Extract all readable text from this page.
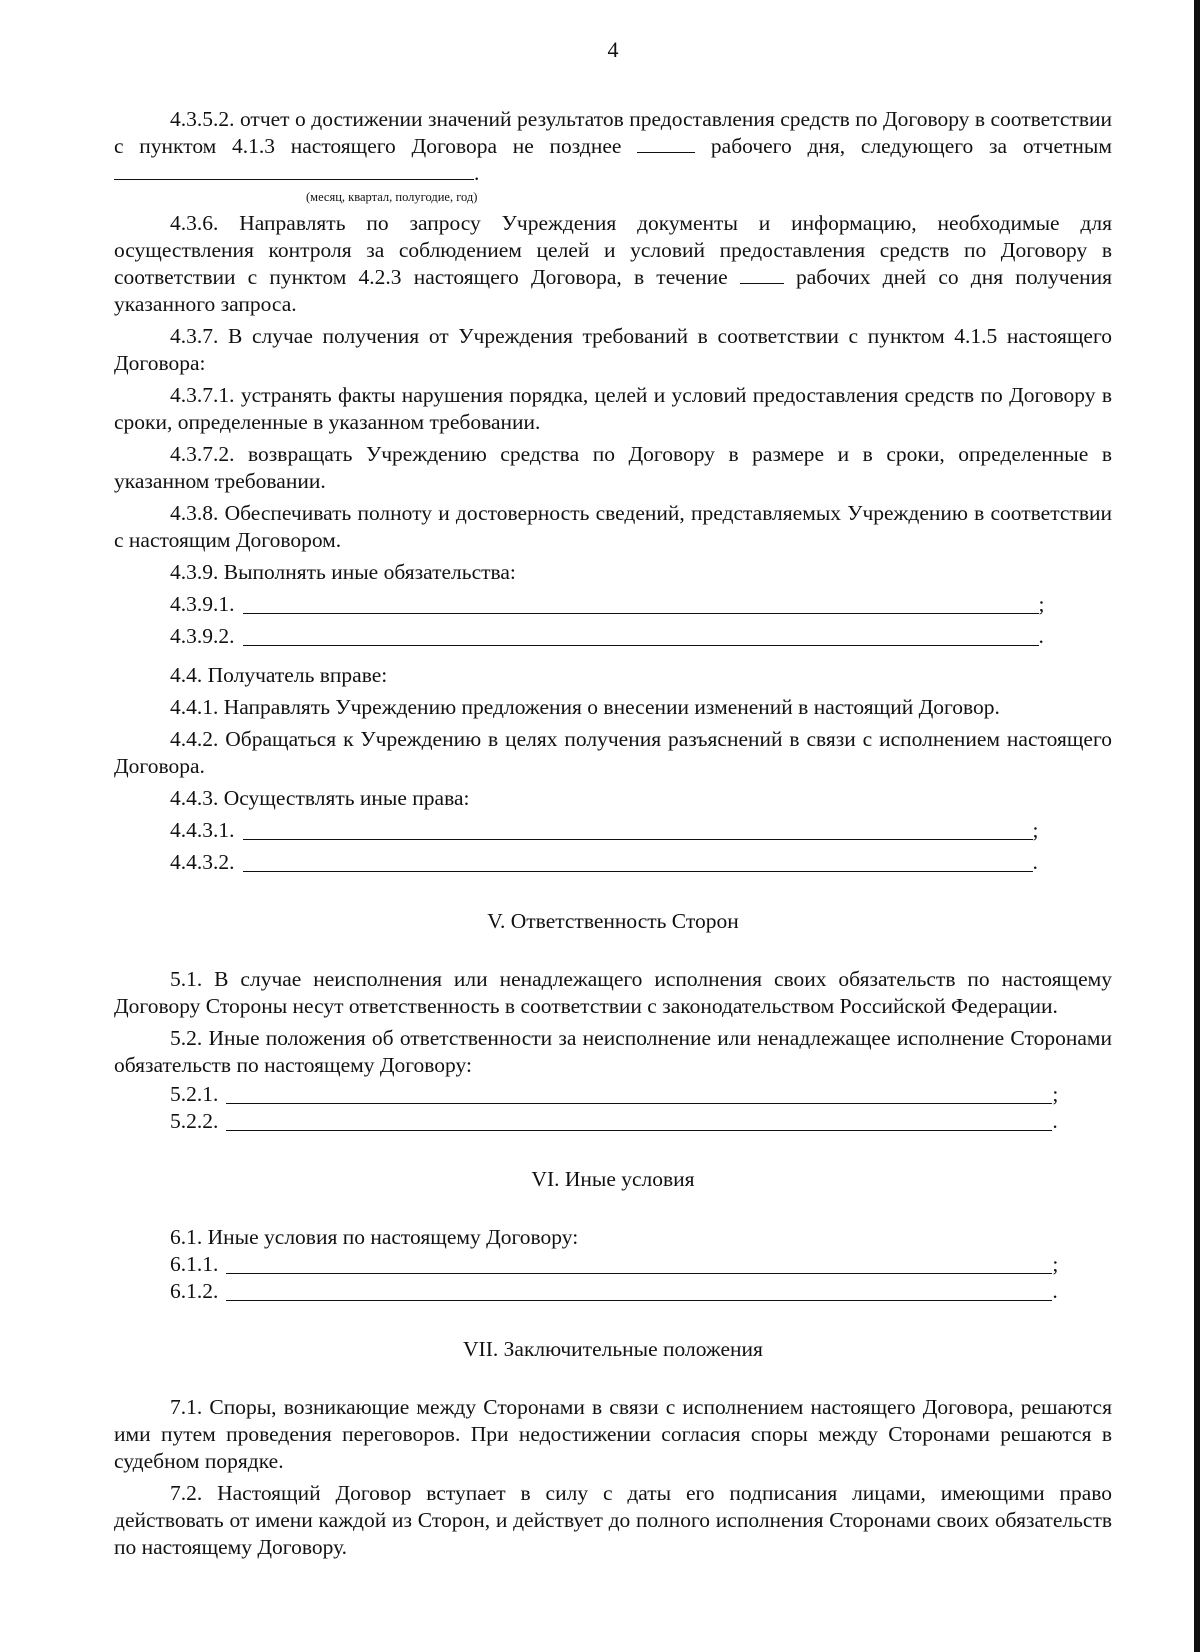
4

4.3.5.2. отчет о достижении значений результатов предоставления средств по Договору в соответствии с пунктом 4.1.3 настоящего Договора не позднее	рабочего дня, следующего за отчетным .

(месяц, квартал, полугодие, год)

4.3.6. Направлять по запросу Учреждения документы и информацию, необходимые для осуществления контроля за соблюдением целей и условий предоставления средств по Договору в соответствии с пунктом 4.2.3 настоящего Договора, в течение	рабочих дней со дня получения указанного запроса.

4.3.7. В случае получения от Учреждения требований в соответствии с пунктом 4.1.5 настоящего Договора:

4.3.7.1. устранять факты нарушения порядка, целей и условий предоставления средств по Договору в сроки, определенные в указанном требовании.

4.3.7.2. возвращать Учреждению средства по Договору в размере и в сроки, определенные в указанном требовании.

4.3.8. Обеспечивать полноту и достоверность сведений, представляемых Учреждению в соответствии с настоящим Договором.

4.3.9. Выполнять иные обязательства:

4.3.9.1.	;
4.3.9.2.	.

4.4. Получатель вправе:

4.4.1. Направлять Учреждению предложения о внесении изменений в настоящий Договор.

4.4.2. Обращаться к Учреждению в целях получения разъяснений в связи с исполнением настоящего Договора.

4.4.3. Осуществлять иные права:

4.4.3.1.	;
4.4.3.2.	.
V. Ответственность Сторон

5.1. В случае неисполнения или ненадлежащего исполнения своих обязательств по настоящему Договору Стороны несут ответственность в соответствии с законодательством Российской Федерации.

5.2. Иные положения об ответственности за неисполнение или ненадлежащее исполнение Сторонами обязательств по настоящему Договору:

5.2.1.	;
5.2.2.	.
VI. Иные условия

6.1. Иные условия по настоящему Договору:

6.1.1.	;
6.1.2.	.
VII. Заключительные положения

7.1. Споры, возникающие между Сторонами в связи с исполнением настоящего Договора, решаются ими путем проведения переговоров. При недостижении согласия споры между Сторонами решаются в судебном порядке.

7.2. Настоящий Договор вступает в силу с даты его подписания лицами, имеющими право действовать от имени каждой из Сторон, и действует до полного исполнения Сторонами своих обязательств по настоящему Договору.
